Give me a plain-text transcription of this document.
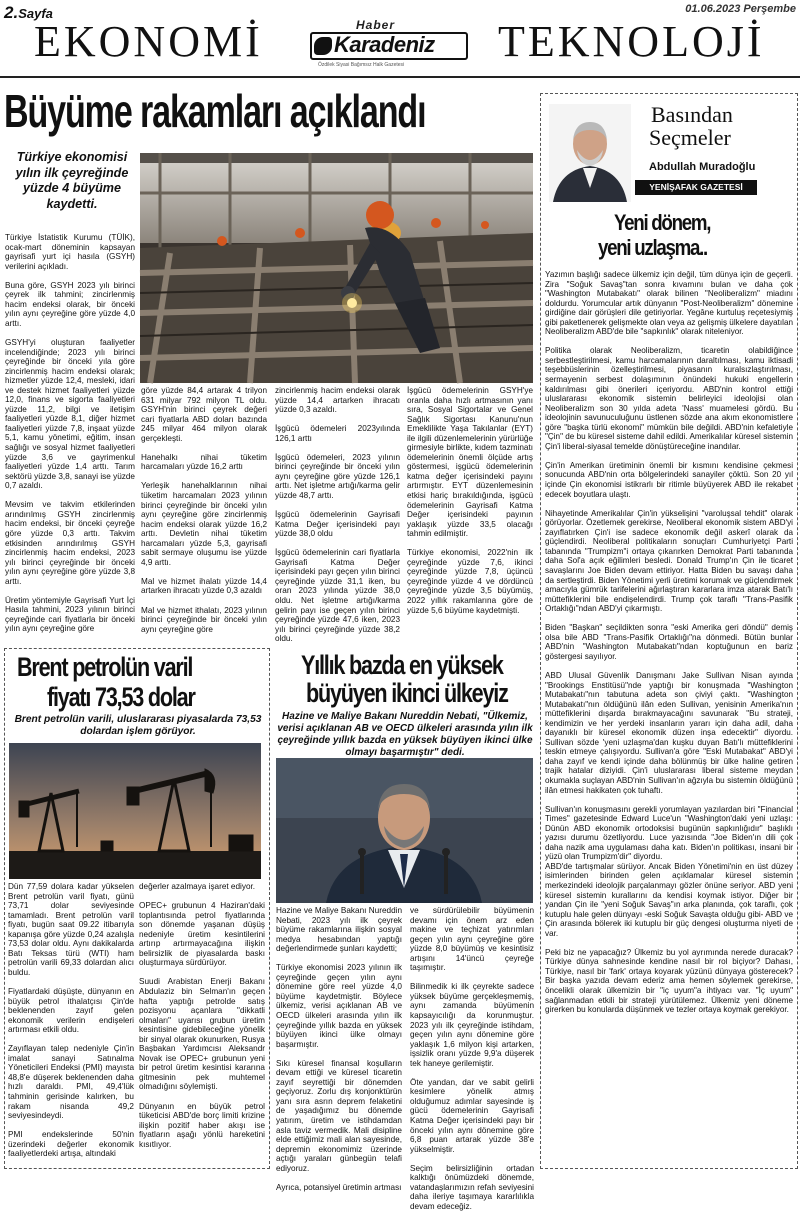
2.Sayfa	01.06.2023 Perşembe
EKONOMİ	TEKNOLOJİ
Haber
Karadeniz
Özdilek Siyasi Bağımsız Halk Gazetesi
Büyüme rakamları açıklandı
Türkiye ekonomisi yılın ilk çeyreğinde yüzde 4 büyüme kaydetti.
Türkiye İstatistik Kurumu (TÜİK), ocak-mart döneminin kapsayan gayrisafi yurt içi hasıla (GSYH) verilerini açıkladı.

Buna göre, GSYH 2023 yılı birinci çeyrek ilk tahmini; zincirlenmiş hacim endeksi olarak, bir önceki yılın aynı çeyreğine göre yüzde 4,0 arttı.

GSYH'yi oluşturan faaliyetler incelendiğinde; 2023 yılı birinci çeyreğinde bir önceki yıla göre zincirlenmiş hacim endeksi olarak; hizmetler yüzde 12,4, mesleki, idari ve destek hizmet faaliyetleri yüzde 12,0, finans ve sigorta faaliyetleri yüzde 11,2, bilgi ve iletişim faaliyetleri yüzde 8,1, diğer hizmet faaliyetleri yüzde 7,8, inşaat yüzde 5,1, kamu yönetimi, eğitim, insan sağlığı ve sosyal hizmet faaliyetleri yüzde 3,6 ve gayrimenkul faaliyetleri yüzde 1,4 arttı. Tarım sektörü yüzde 3,8, sanayi ise yüzde 0,7 azaldı.

Mevsim ve takvim etkilerinden arındırılmış GSYH zincirlenmiş hacim endeksi, bir önceki çeyreğe göre yüzde 0,3 arttı. Takvim etkisinden arındırılmış GSYH zincirlenmiş hacim endeksi, 2023 yılı birinci çeyreğinde bir önceki yılın aynı çeyreğine göre yüzde 3,8 arttı.

Üretim yöntemiyle Gayrisafi Yurt İçi Hasıla tahmini, 2023 yılının birinci çeyreğinde cari fiyatlarla bir önceki yılın aynı çeyreğine göre
göre yüzde 84,4 artarak 4 trilyon 631 milyar 792 milyon TL oldu. GSYH'nin birinci çeyrek değeri cari fiyatlarla ABD doları bazında 245 milyar 464 milyon olarak gerçekleşti.

Hanehalkı nihai tüketim harcamaları yüzde 16,2 arttı

Yerleşik hanehalklarının nihai tüketim harcamaları 2023 yılının birinci çeyreğinde bir önceki yılın aynı çeyreğine göre zincirlenmiş hacim endeksi olarak yüzde 16,2 arttı. Devletin nihai tüketim harcamaları yüzde 5,3, gayrisafi sabit sermaye oluşumu ise yüzde 4,9 arttı.

Mal ve hizmet ihalatı yüzde 14,4 artarken ihracatı yüzde 0,3 azaldı

Mal ve hizmet ithalatı, 2023 yılının birinci çeyreğinde bir önceki yılın aynı çeyreğine göre
zincirlenmiş hacim endeksi olarak yüzde 14,4 artarken ihracatı yüzde 0,3 azaldı.

İşgücü ödemeleri 2023yılında 126,1 arttı

İşgücü ödemeleri, 2023 yılının birinci çeyreğinde bir önceki yılın aynı çeyreğine göre yüzde 126,1 arttı. Net işletme artığı/karma gelir yüzde 48,7 arttı.

İşgücü ödemelerinin Gayrisafi Katma Değer içerisindeki payı yüzde 38,0 oldu

İşgücü ödemelerinin cari fiyatlarla Gayrisafi Katma Değer içerisindeki payı geçen yılın birinci çeyreğinde yüzde 31,1 iken, bu oran 2023 yılında yüzde 38,0 oldu. Net işletme artığı/karma gelirin payı ise geçen yılın birinci çeyreğinde yüzde 47,6 iken, 2023 yılı birinci çeyreğinde yüzde 38,2 oldu.
İşgücü ödemelerinin GSYH'ye oranla daha hızlı artmasının yanı sıra, Sosyal Sigortalar ve Genel Sağlık Sigortası Kanunu'nun Emeklilikte Yaşa Takılanlar (EYT) ile ilgili düzenlemelerinin yürürlüğe girmesiyle birlikte, kıdem tazminatı ödemelerinin önemli ölçüde artış göstermesi, işgücü ödemelerinin katma değer içerisindeki payını artırmıştır. EYT düzenlemesinin etkisi hariç bırakıldığında, işgücü ödemelerinin Gayrisafi Katma Değer içerisindeki payının yaklaşık yüzde 33,5 olacağı tahmin edilmiştir.

Türkiye ekonomisi, 2022'nin ilk çeyreğinde yüzde 7,6, ikinci çeyreğinde yüzde 7,8, üçüncü çeyreğinde yüzde 4 ve dördüncü çeyreğinde yüzde 3,5 büyümüş, 2022 yıllık rakamlarına göre de yüzde 5,6 büyüme kaydetmişti.
Brent petrolün varil
fiyatı 73,53 dolar
Brent petrolün varili, uluslararası piyasalarda 73,53 dolardan işlem görüyor.
Dün 77,59 dolara kadar yükselen Brent petrolün varil fiyatı, günü 73,71 dolar seviyesinde tamamladı. Brent petrolün varil fiyatı, bugün saat 09.22 itibarıyla kapanışa göre yüzde 0,24 azalışla 73,53 dolar oldu. Aynı dakikalarda Batı Teksas türü (WTI) ham petrolün varili 69,33 dolardan alıcı buldu.

Fiyatlardaki düşüşte, dünyanın en büyük petrol ithalatçısı Çin'de beklenenden zayıf gelen ekonomik verilerin endişeleri artırması etkili oldu.

Zayıflayan talep nedeniyle Çin'in imalat sanayi Satınalma Yöneticileri Endeksi (PMI) mayısta 48,8'e düşerek beklenenden daha hızlı daraldı. PMI, 49,4'lük tahminin gerisinde kalırken, bu rakam nisanda 49,2 seviyesindeydi.

PMI endekslerinde 50'nin üzerindeki değerler ekonomik faaliyetlerdeki artışa, altındaki
değerler azalmaya işaret ediyor.

OPEC+ grubunun 4 Haziran'daki toplantısında petrol fiyatlarında son dönemde yaşanan düşüş nedeniyle üretim kesintilerini artırıp artırmayacağına ilişkin belirsizlik de piyasalarda baskı oluşturmaya sürdürüyor.

Suudi Arabistan Enerji Bakanı Abdulaziz bin Selman'ın geçen hafta yaptığı petrolde satış pozisyonu açanlara "dikkatli olmaları" uyarısı grubun üretim kesintisine gidebileceğine yönelik bir sinyal olarak okunurken, Rusya Başbakan Yardımcısı Aleksandr Novak ise OPEC+ grubunun yeni bir petrol üretim kesintisi kararına gitmesinin pek muhtemel olmadığını söylemişti.

Dünyanın en büyük petrol tüketicisi ABD'de borç limiti krizine ilişkin pozitif haber akışı ise fiyatların aşağı yönlü hareketini kısıtlıyor.
Yıllık bazda en yüksek
büyüyen ikinci ülkeyiz
Hazine ve Maliye Bakanı Nureddin Nebati, "Ülkemiz, verisi açıklanan AB ve OECD ülkeleri arasında yılın ilk çeyreğinde yıllık bazda en yüksek büyüyen ikinci ülke olmayı başarmıştır" dedi.
Hazine ve Maliye Bakanı Nureddin Nebati, 2023 yılı ilk çeyrek büyüme rakamlarına ilişkin sosyal medya hesabından yaptığı değerlendirmede şunları kaydetti;

Türkiye ekonomisi 2023 yılının ilk çeyreğinde geçen yılın aynı dönemine göre reel yüzde 4,0 büyüme kaydetmiştir. Böylece ülkemiz, verisi açıklanan AB ve OECD ülkeleri arasında yılın ilk çeyreğinde yıllık bazda en yüksek büyüyen ikinci ülke olmayı başarmıştır.

Sıkı küresel finansal koşulların devam ettiği ve küresel ticaretin zayıf seyrettiği bir dönemden geçiyoruz. Zorlu dış konjonktürün yanı sıra asrın deprem felaketini de yaşadığımız bu dönemde yatırım, üretim ve istihdamdan asla taviz vermedik. Mali disipline elde ettiğimiz mali alan sayesinde, depremin ekonomimiz üzerinde açtığı yaraları günbegün telafi ediyoruz.

Ayrıca, potansiyel üretimin artması
ve sürdürülebilir büyümenin devamı için önem arz eden makine ve teçhizat yatırımları geçen yılın aynı çeyreğine göre yüzde 8,0 büyümüş ve kesintisiz artışını 14'üncü çeyreğe taşımıştır.

Bilinmedik ki ilk çeyrekte sadece yüksek büyüme gerçekleşmemiş, aynı zamanda büyümenin kapsayıcılığı da korunmuştur. 2023 yılı ilk çeyreğinde istihdam, geçen yılın aynı dönemine göre yaklaşık 1,6 milyon kişi artarken, işsizlik oranı yüzde 9,9'a düşerek tek haneye gerilemiştir.

Öte yandan, dar ve sabit gelirli kesimlere yönelik atmış olduğumuz adımlar sayesinde iş gücü ödemelerinin Gayrisafi Katma Değer içerisindeki payı bir önceki yılın aynı dönemine göre 6,8 puan artarak yüzde 38'e yükselmiştir.

Seçim belirsizliğinin ortadan kalktığı önümüzdeki dönemde, vatandaşlarımızın refah seviyesini daha ileriye taşımaya kararlılıkla devam edeceğiz.
Basından
Seçmeler
Abdullah Muradoğlu
YENİŞAFAK GAZETESİ
Yeni dönem,
yeni uzlaşma..
Yazımın başlığı sadece ülkemiz için değil, tüm dünya için de geçerli. Zira "Soğuk Savaş"tan sonra kıvamını bulan ve daha çok "Washington Mutabakatı" olarak bilinen "Neoliberalizm" miadını doldurdu. Yorumcular artık dünyanın "Post-Neoliberalizm" dönemine girdiğine dair görüşleri dile getiriyorlar. Yegâne kurtuluş reçetesiymiş gibi paketlenerek gelişmekte olan veya az gelişmiş ülkelere dayatılan Neoliberalizm ABD'de bile "sapkınlık" olarak niteleniyor.

Politika olarak Neoliberalizm, ticaretin olabildiğince serbestleştirilmesi, kamu harcamalarının daraltılması, kamu iktisadi teşebbüslerinin özelleştirilmesi, piyasanın kuralsızlaştırılması, sermayenin serbest dolaşımının önündeki hukuki engellerin kaldırılması gibi önerileri içeriyordu. ABD'nin kontrol ettiği uluslararası ekonomik sistemin belirleyici ideolojisi olan Neoliberalizm son 30 yılda adeta 'Nass' muamelesi gördü. Bu ideolojinin savunuculuğunu üstlenen sözde ana akım ekonomistlere göre "başka türlü ekonomi" mümkün bile değildi. ABD'nin kefaletiyle "Çin" de bu küresel sisteme dahil edildi. Amerikalılar küresel sistemin Çin'i liberal-siyasal temelde dönüştüreceğine inandılar.

Çin'in Amerikan üretiminin önemli bir kısmını kendisine çekmesi sonucunda ABD'nin orta bölgelerindeki sanayiler çöktü. Son 20 yıl içinde Çin ekonomisi istikrarlı bir ritimle büyüyerek ABD ile rekabet edecek boyutlara ulaştı.

Nihayetinde Amerikalılar Çin'in yükselişini "varoluşsal tehdit" olarak görüyorlar. Özetlemek gerekirse, Neoliberal ekonomik sistem ABD'yi zayıflatırken Çin'i ise sadece ekonomik değil askerî olarak da güçlendirdi. Neoliberal politikaların sonuçları Cumhuriyetçi Parti tabanında "Trumpizm"i ortaya çıkarırken Demokrat Parti tabanında daha Sol'a açık eğilimleri besledi. Donald Trump'ın Çin ile ticaret savaşlarını Joe Biden devam ettiriyor. Hatta Biden bu savaşı daha da sertleştirdi. Biden Yönetimi yerli üretimi korumak ve güçlendirmek amacıyla gümrük tarifelerini ağırlaştıran kararlara imza atarak Batı'lı müttefiklerini bile endişelendirdi. Trump çok taraflı "Trans-Pasifik Ortaklığı"ndan ABD'yi çıkarmıştı.

Biden "Başkan" seçildikten sonra "eski Amerika geri döndü" demiş olsa bile ABD "Trans-Pasifik Ortaklığı"na dönmedi. Bütün bunlar ABD'nin "Washington Mutabakatı"ndan koptuğunun en bariz göstergesi sayılıyor.

ABD Ulusal Güvenlik Danışmanı Jake Sullivan Nisan ayında "Brookings Enstitüsü"nde yaptığı bir konuşmada "Washington Mutabakatı"nın tabutuna adeta son çiviyi çaktı. "Washington Mutabakatı"nın öldüğünü ilân eden Sullivan, yenisinin Amerika'nın müttefiklerini dışarda bırakmayacağını savunarak "Bu strateji, kendimizin ve her yerdeki insanların yararı için daha adil, daha dayanıklı bir küresel ekonomik düzen inşa edecektir" diyordu. Sullivan sözde 'yeni uzlaşma'dan kuşku duyan Batı'lı müttefiklerini teskin etmeye çalışıyordu. Sullivan'a göre "Eski Mutabakat" ABD'yi daha zayıf ve kendi içinde daha bölünmüş bir ülke haline getiren trajik hatalar diziyidi. Çin'i uluslararası liberal sisteme meydan okumakla suçlayan ABD'nin Sullivan'ın ağzıyla bu sistemin öldüğünü ilân etmesi hakikaten çok tuhaftı.

Sullivan'ın konuşmasını gerekli yorumlayan yazılardan biri "Financial Times" gazetesinde Edward Luce'un "Washington'daki yeni uzlaşı: Dünün ABD ekonomik ortodoksisi bugünün sapkınlığıdır" başlıklı yazısı durumu özetliyordu. Luce yazısında "Joe Biden'ın dili çok daha nazik ama uygulaması daha katı. Biden'ın politikası, insani bir yüzü olan Trumpizm'dir" diyordu.
ABD'de tartışmalar sürüyor. Ancak Biden Yönetimi'nin en üst düzey isimlerinden birinden gelen açıklamalar küresel sistemin merkezindeki ideolojik parçalanmayı gözler önüne seriyor. ABD yeni küresel sistemin kurallarını da kendisi koymak istiyor. Diğer bir yandan Çin ile "yeni Soğuk Savaş"ın arka planında, çok taraflı, çok kutuplu hale gelen dünyayı -eski Soğuk Savaşta olduğu gibi- ABD ve Çin arasında bölerek iki kutuplu bir güç dengesi oluşturma niyeti de var.

Peki biz ne yapacağız? Ülkemiz bu yol ayrımında nerede duracak? Türkiye dünya sahnesinde kendine nasıl bir rol biçiyor? Dahası, Türkiye, nasıl bir 'fark' ortaya koyarak yüzünü dünyaya gösterecek? Bir başka yazıda devam ederiz ama hemen söylemek gerekirse, öncelikli olarak ülkemizin bir "iç uyum"a ihtiyacı var. "İç uyum" sağlanmadan etkili bir strateji yürütülemez. Ülkemiz yeni döneme girerken bu konularda düşünmek ve tezler ortaya koymak gerekiyor.
